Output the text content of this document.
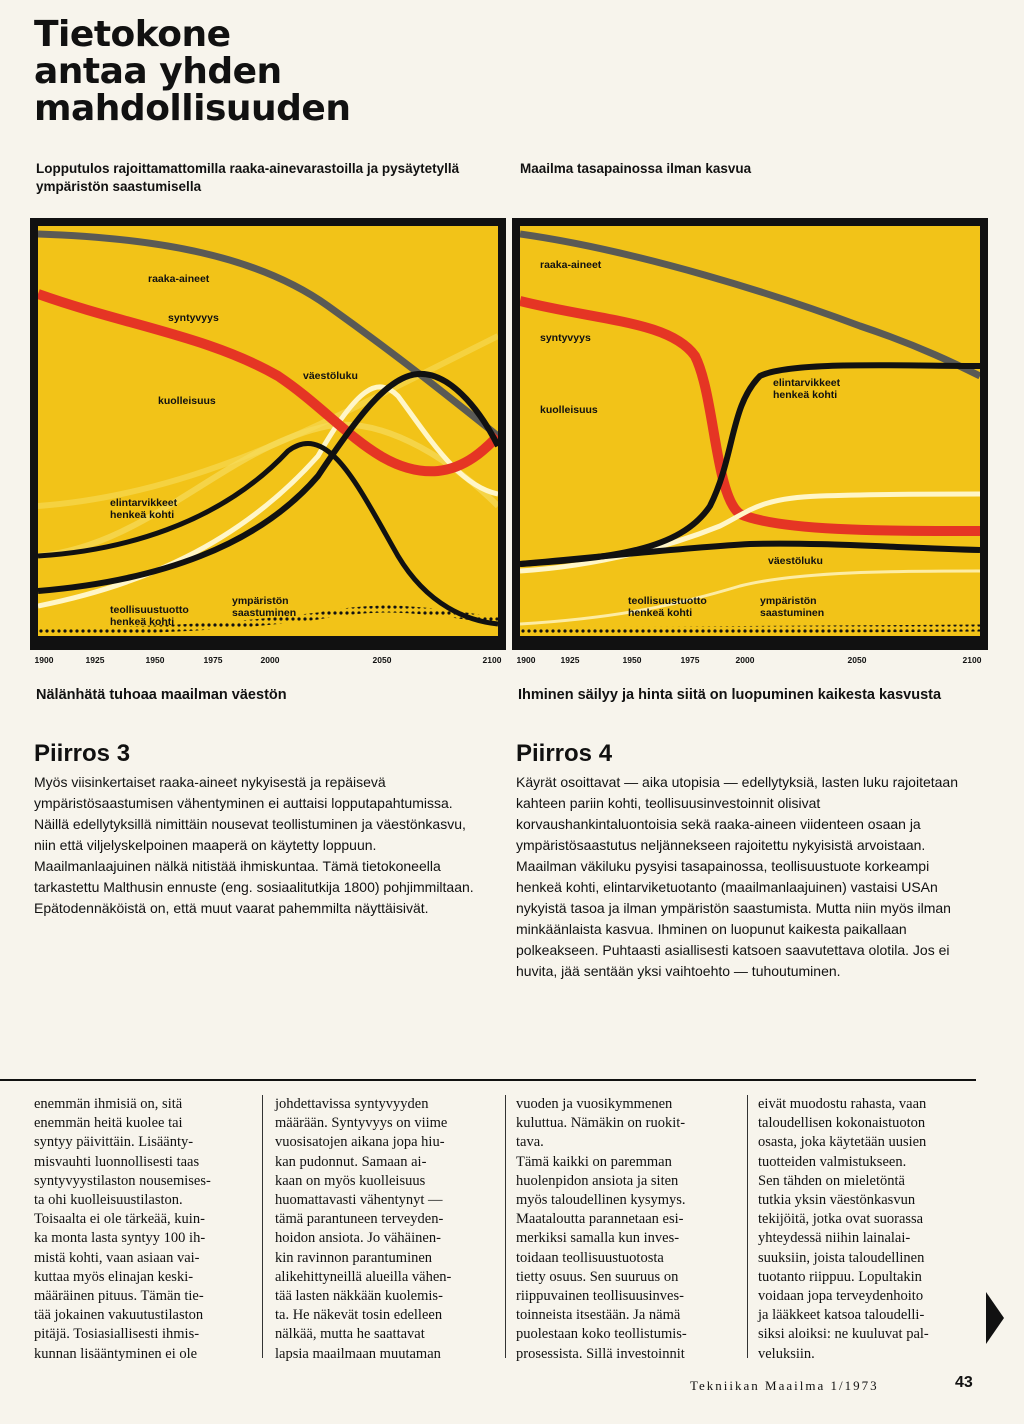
Tietokone
antaa yhden
mahdollisuuden
Lopputulos rajoittamattomilla raaka-ainevarastoilla ja pysäytetyllä ympäristön saastumisella
Maailma tasapainossa ilman kasvua
raaka-aineet
syntyvyys
kuolleisuus
väestöluku
elintarvikkeet
henkeä kohti
teollisuustuotto
henkeä kohti
ympäristön
saastuminen
raaka-aineet
syntyvyys
kuolleisuus
elintarvikkeet
henkeä kohti
väestöluku
teollisuustuotto
henkeä kohti
ympäristön
saastuminen
1900	1925	1950	1975	2000	2050	2100 1900	1925	1950	1975	2000	2050	2100
Nälänhätä tuhoaa maailman väestön	Ihminen säilyy ja hinta siitä on luopuminen kaikesta kasvusta
Piirros 3

Myös viisinkertaiset raaka-aineet nykyisestä ja repäisevä ympäristösaastumisen vähentyminen ei auttaisi lopputapahtumissa. Näillä edellytyksillä nimittäin nousevat teollistuminen ja väestönkasvu, niin että viljelyskelpoinen maaperä on käytetty loppuun. Maailmanlaajuinen nälkä nitistää ihmiskuntaa. Tämä tietokoneella tarkastettu Malthusin ennuste (eng. sosiaalitutkija 1800) pohjimmiltaan. Epätodennäköistä on, että muut vaarat pahemmilta näyttäisivät.

Piirros 4

Käyrät osoittavat — aika utopisia — edellytyksiä, lasten luku rajoitetaan kahteen pariin kohti, teollisuusinvestoinnit olisivat korvaushankintaluontoisia sekä raaka-aineen viidenteen osaan ja ympäristösaastutus neljännekseen rajoitettu nykyisistä arvoistaan. Maailman väkiluku pysyisi tasapainossa, teollisuustuote korkeampi henkeä kohti, elintarviketuotanto (maailmanlaajuinen) vastaisi USAn nykyistä tasoa ja ilman ympäristön saastumista. Mutta niin myös ilman minkäänlaista kasvua. Ihminen on luopunut kaikesta paikallaan polkeakseen. Puhtaasti asiallisesti katsoen saavutettava olotila. Jos ei huvita, jää sentään yksi vaihtoehto — tuhoutuminen.

enemmän ihmisiä on, sitä
enemmän heitä kuolee tai
syntyy päivittäin. Lisäänty-
misvauhti luonnollisesti taas
syntyvyystilaston nousemises-
ta ohi kuolleisuustilaston.
Toisaalta ei ole tärkeää, kuin-
ka monta lasta syntyy 100 ih-
mistä kohti, vaan asiaan vai-
kuttaa myös elinajan keski-
määräinen pituus. Tämän tie-
tää jokainen vakuutustilaston
pitäjä. Tosiasiallisesti ihmis-
kunnan lisääntyminen ei ole
johdettavissa syntyvyyden
määrään. Syntyvyys on viime
vuosisatojen aikana jopa hiu-
kan pudonnut. Samaan ai-
kaan on myös kuolleisuus
huomattavasti vähentynyt —
tämä parantuneen terveyden-
hoidon ansiota. Jo vähäinen-
kin ravinnon parantuminen
alikehittyneillä alueilla vähen-
tää lasten näkkään kuolemis-
ta. He näkevät tosin edelleen
nälkää, mutta he saattavat
lapsia maailmaan muutaman
vuoden ja vuosikymmenen
kuluttua. Nämäkin on ruokit-
tava.
Tämä kaikki on paremman
huolenpidon ansiota ja siten
myös taloudellinen kysymys.
Maataloutta parannetaan esi-
merkiksi samalla kun inves-
toidaan teollisuustuotosta
tietty osuus. Sen suuruus on
riippuvainen teollisuusinves-
toinneista itsestään. Ja nämä
puolestaan koko teollistumis-
prosessista. Sillä investoinnit
eivät muodostu rahasta, vaan
taloudellisen kokonaistuoton
osasta, joka käytetään uusien
tuotteiden valmistukseen.
Sen tähden on mieletöntä
tutkia yksin väestönkasvun
tekijöitä, jotka ovat suorassa
yhteydessä niihin lainalai-
suuksiin, joista taloudellinen
tuotanto riippuu. Lopultakin
voidaan jopa terveydenhoito
ja lääkkeet katsoa taloudelli-
siksi aloiksi: ne kuuluvat pal-
veluksiin.
Tekniikan Maailma 1/1973	43
